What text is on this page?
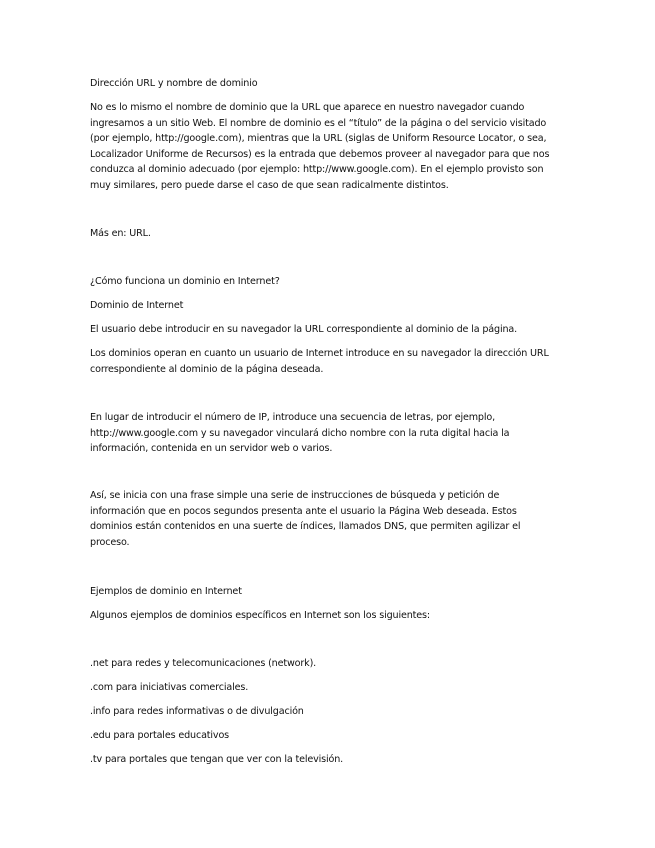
Dirección URL y nombre de dominio

No es lo mismo el nombre de dominio que la URL que aparece en nuestro navegador cuando
ingresamos a un sitio Web. El nombre de dominio es el “título” de la página o del servicio visitado
(por ejemplo, http://google.com), mientras que la URL (siglas de Uniform Resource Locator, o sea,
Localizador Uniforme de Recursos) es la entrada que debemos proveer al navegador para que nos
conduzca al dominio adecuado (por ejemplo: http://www.google.com). En el ejemplo provisto son
muy similares, pero puede darse el caso de que sean radicalmente distintos.

Más en: URL.

¿Cómo funciona un dominio en Internet?

Dominio de Internet

El usuario debe introducir en su navegador la URL correspondiente al dominio de la página.

Los dominios operan en cuanto un usuario de Internet introduce en su navegador la dirección URL
correspondiente al dominio de la página deseada.
En lugar de introducir el número de IP, introduce una secuencia de letras, por ejemplo,
http://www.google.com y su navegador vinculará dicho nombre con la ruta digital hacia la
información, contenida en un servidor web o varios.
Así, se inicia con una frase simple una serie de instrucciones de búsqueda y petición de
información que en pocos segundos presenta ante el usuario la Página Web deseada. Estos
dominios están contenidos en una suerte de índices, llamados DNS, que permiten agilizar el
proceso.

Ejemplos de dominio en Internet

Algunos ejemplos de dominios específicos en Internet son los siguientes:

.net para redes y telecomunicaciones (network).

.com para iniciativas comerciales.

.info para redes informativas o de divulgación

.edu para portales educativos

.tv para portales que tengan que ver con la televisión.
